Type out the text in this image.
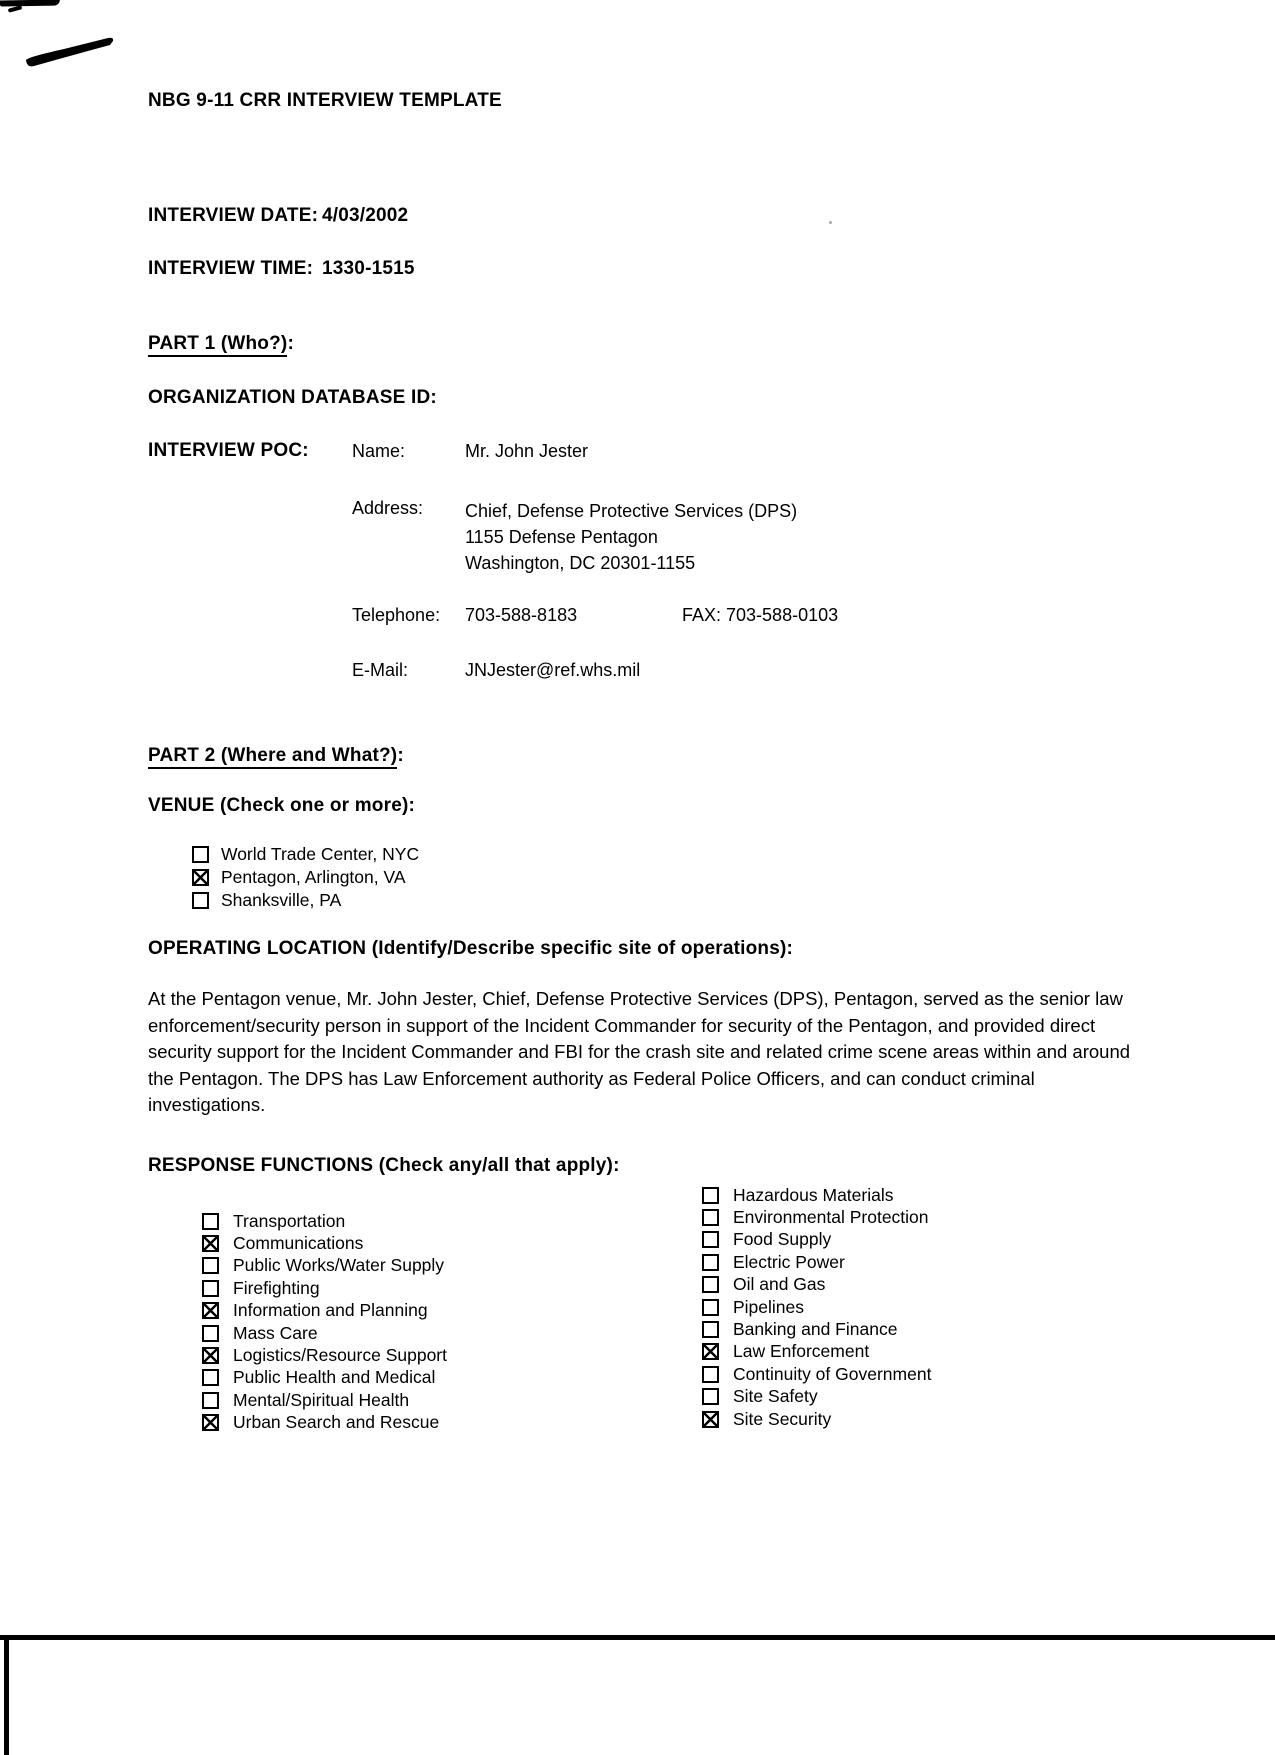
NBG 9-11 CRR INTERVIEW TEMPLATE
INTERVIEW DATE: 4/03/2002
INTERVIEW TIME: 1330-1515
PART 1 (Who?):
ORGANIZATION DATABASE ID:
INTERVIEW POC: Name:	Mr. John Jester
Address: Chief, Defense Protective Services (DPS)
1155 Defense Pentagon
Washington, DC 20301-1155
Telephone: 703-588-8183	FAX: 703-588-0103
E-Mail:	JNJester@ref.whs.mil
PART 2 (Where and What?):
VENUE (Check one or more):
World Trade Center, NYC
Pentagon, Arlington, VA
Shanksville, PA
OPERATING LOCATION (Identify/Describe specific site of operations):
At the Pentagon venue, Mr. John Jester, Chief, Defense Protective Services (DPS), Pentagon, served as the senior law enforcement/security person in support of the Incident Commander for security of the Pentagon, and provided direct security support for the Incident Commander and FBI for the crash site and related crime scene areas within and around the Pentagon. The DPS has Law Enforcement authority as Federal Police Officers, and can conduct criminal investigations.
RESPONSE FUNCTIONS (Check any/all that apply):
Transportation
Communications
Public Works/Water Supply
Firefighting
Information and Planning
Mass Care
Logistics/Resource Support
Public Health and Medical
Mental/Spiritual Health
Urban Search and Rescue
Hazardous Materials
Environmental Protection
Food Supply
Electric Power
Oil and Gas
Pipelines
Banking and Finance
Law Enforcement
Continuity of Government
Site Safety
Site Security
